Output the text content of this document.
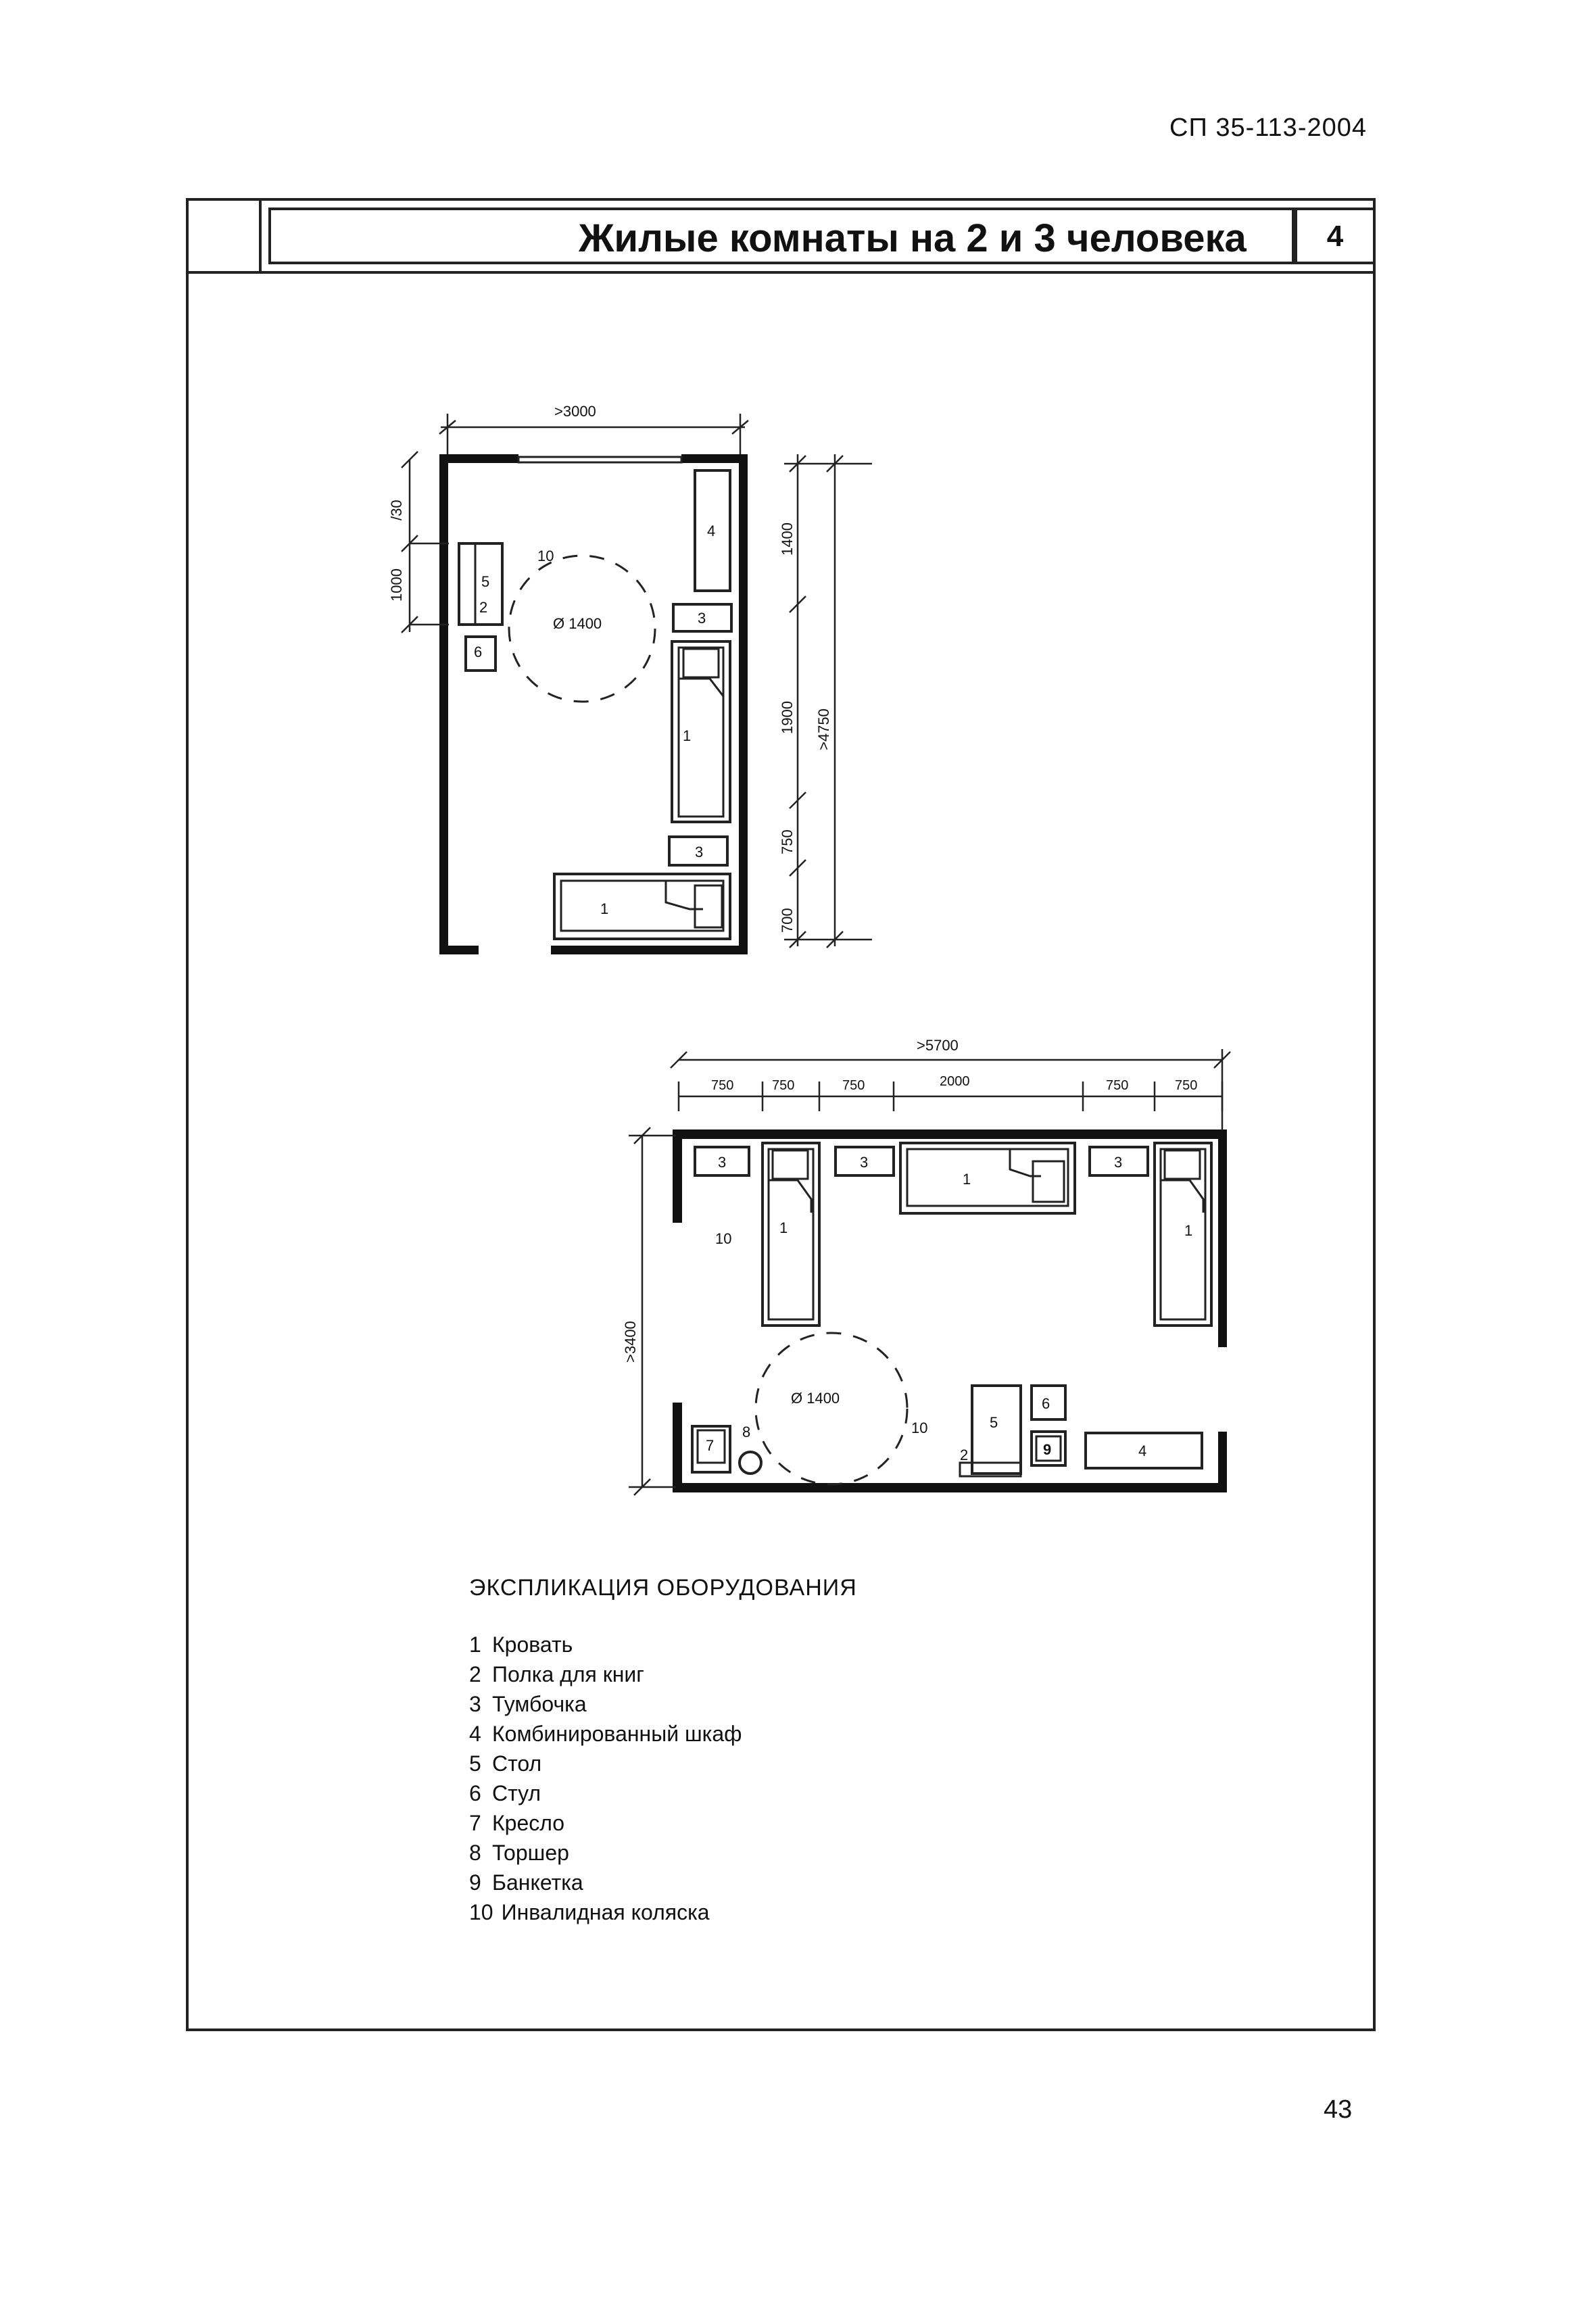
СП 35-113-2004
Жилые комнаты на 2 и 3 человека	4
4
3
1
3
1
5
2
6
10
Ø 1400
>3000
/30
1000
1400
1900
750
700
>4750
3	3	3
1
1
1
10
Ø 1400
10
7
8
5
2
6
9	4
>5700
750	750	750	2000	750	750
>3400
ЭКСПЛИКАЦИЯ ОБОРУДОВАНИЯ
1 Кровать
2 Полка для книг
3 Тумбочка
4 Комбинированный шкаф
5 Стол
6 Стул
7 Кресло
8 Торшер
9 Банкетка
10 Инвалидная коляска
43
